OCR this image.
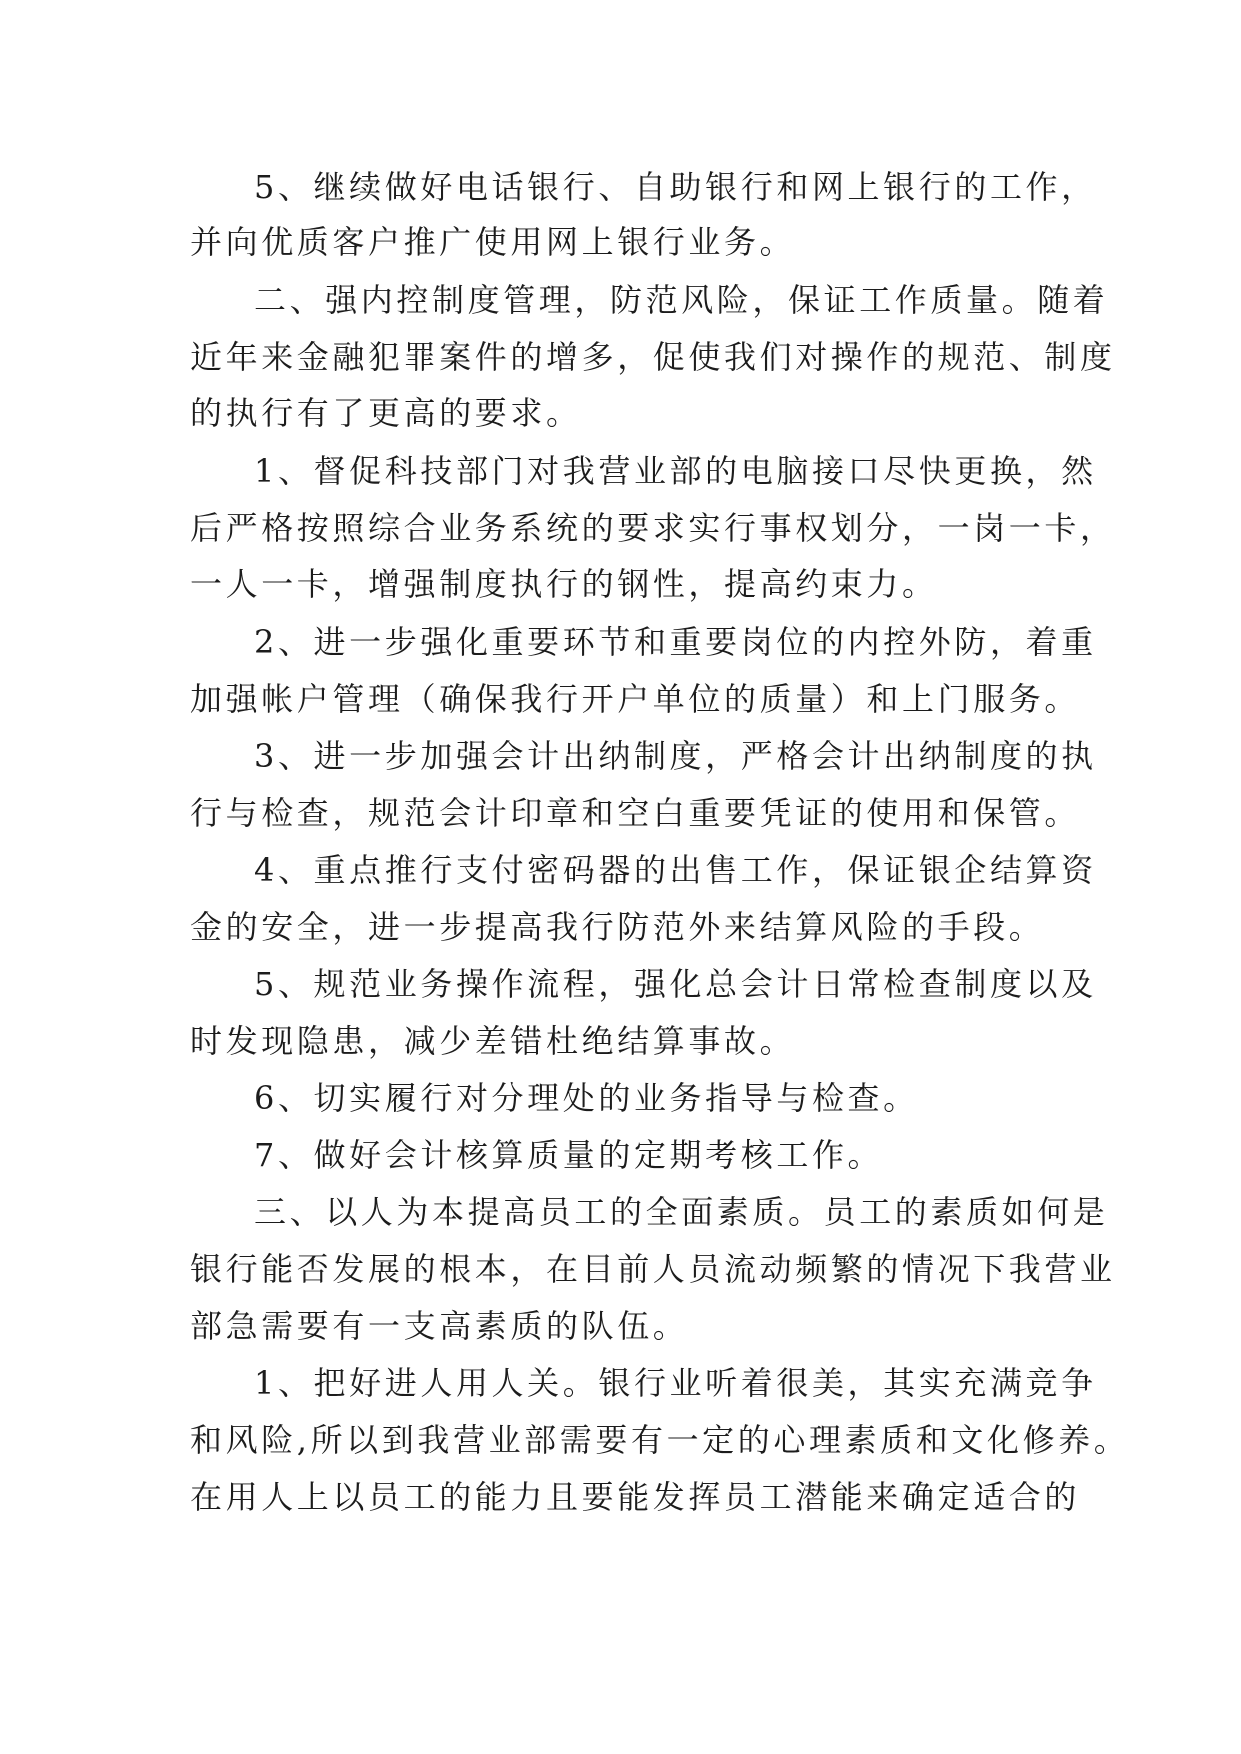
5、继续做好电话银行、自助银行和网上银行的工作，
并向优质客户推广使用网上银行业务。
二、强内控制度管理，防范风险，保证工作质量。随着
近年来金融犯罪案件的增多，促使我们对操作的规范、制度
的执行有了更高的要求。
1、督促科技部门对我营业部的电脑接口尽快更换，然
后严格按照综合业务系统的要求实行事权划分，一岗一卡，
一人一卡，增强制度执行的钢性，提高约束力。
2、进一步强化重要环节和重要岗位的内控外防，着重
加强帐户管理（确保我行开户单位的质量）和上门服务。
3、进一步加强会计出纳制度，严格会计出纳制度的执
行与检查，规范会计印章和空白重要凭证的使用和保管。
4、重点推行支付密码器的出售工作，保证银企结算资
金的安全，进一步提高我行防范外来结算风险的手段。
5、规范业务操作流程，强化总会计日常检查制度以及
时发现隐患，减少差错杜绝结算事故。
6、切实履行对分理处的业务指导与检查。
7、做好会计核算质量的定期考核工作。
三、以人为本提高员工的全面素质。员工的素质如何是
银行能否发展的根本，在目前人员流动频繁的情况下我营业
部急需要有一支高素质的队伍。
1、把好进人用人关。银行业听着很美，其实充满竞争
和风险,所以到我营业部需要有一定的心理素质和文化修养。
在用人上以员工的能力且要能发挥员工潜能来确定适合的
